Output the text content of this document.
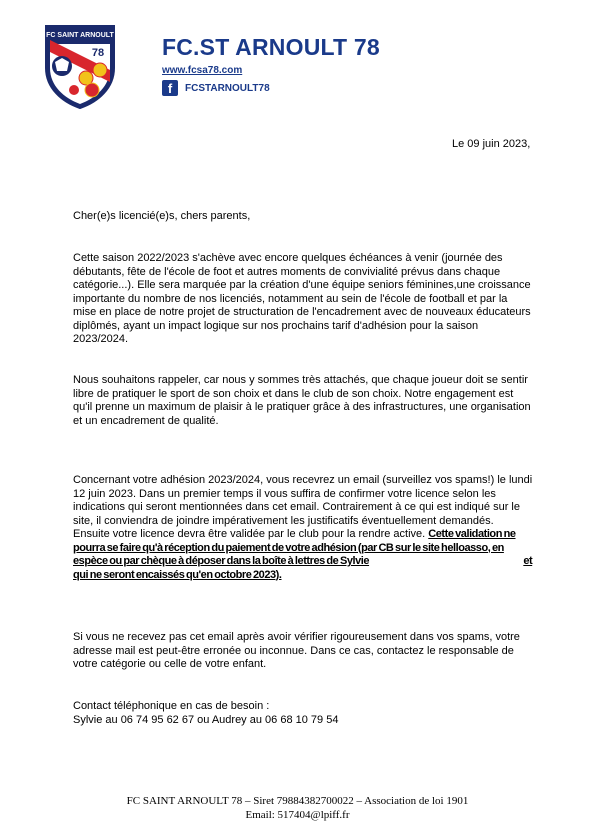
FC SAINT ARNOULT
78	FC.ST ARNOULT 78
www.fcsa78.com
f	FCSTARNOULT78
Le 09 juin 2023,
Cher(e)s licencié(e)s, chers parents,
Cette saison 2022/2023 s'achève avec encore quelques échéances à venir (journée des débutants, fête de l'école de foot et autres moments de convivialité prévus dans chaque catégorie...). Elle sera marquée par la création d'une équipe seniors féminines,une croissance importante du nombre de nos licenciés, notamment au sein de l'école de football et par la mise en place de notre projet de structuration de l'encadrement avec de nouveaux éducateurs diplômés, ayant un impact logique sur nos prochains tarif d'adhésion pour la saison 2023/2024.
Nous souhaitons rappeler, car nous y sommes très attachés, que chaque joueur doit se sentir libre de pratiquer le sport de son choix et dans le club de son choix. Notre engagement est qu'il prenne un maximum de plaisir à le pratiquer grâce à des infrastructures, une organisation et un encadrement de qualité.
Concernant votre adhésion 2023/2024, vous recevrez un email (surveillez vos spams!) le lundi 12 juin 2023. Dans un premier temps il vous suffira de confirmer votre licence selon les indications qui seront mentionnées dans cet email. Contrairement à ce qui est indiqué sur le site, il conviendra de joindre impérativement les justificatifs éventuellement demandés. Ensuite votre licence devra être validée par le club pour la rendre active. Cette validation ne pourra se faire qu'à réception du paiement de votre adhésion (par CB sur le site helloasso, en espèce ou par chèque à déposer dans la boîte à lettres de Sylvie	et qui ne seront encaissés qu'en octobre 2023).
Si vous ne recevez pas cet email après avoir vérifier rigoureusement dans vos spams, votre adresse mail est peut-être erronée ou inconnue. Dans ce cas, contactez le responsable de votre catégorie ou celle de votre enfant.
Contact téléphonique en cas de besoin :
Sylvie au 06 74 95 62 67 ou Audrey au 06 68 10 79 54
FC SAINT ARNOULT 78 – Siret 79884382700022 – Association de loi 1901
Email: 517404@lpiff.fr
